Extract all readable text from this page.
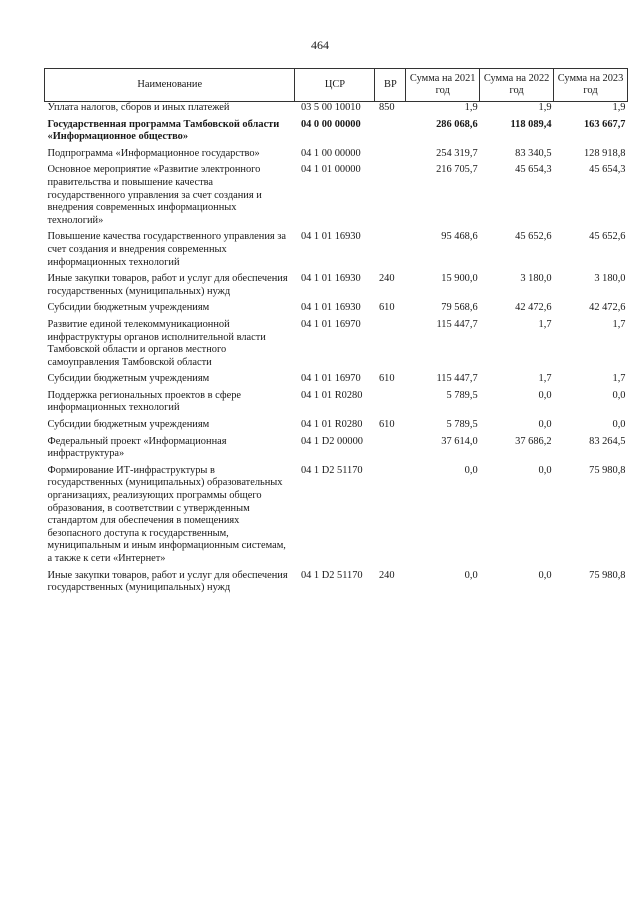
464
Наименование	ЦСР	ВР	Сумма на 2021 год	Сумма на 2022 год	Сумма на 2023 год
Уплата налогов, сборов и иных платежей	03 5 00 10010	850	1,9	1,9	1,9
Государственная программа Тамбовской области «Информационное общество»	04 0 00 00000		286 068,6	118 089,4	163 667,7
Подпрограмма «Информационное государство»	04 1 00 00000		254 319,7	83 340,5	128 918,8
Основное мероприятие «Развитие электронного правительства и повышение качества государственного управления за счет создания и внедрения современных информационных технологий»	04 1 01 00000		216 705,7	45 654,3	45 654,3
Повышение качества государственного управления за счет создания и внедрения современных информационных технологий	04 1 01 16930		95 468,6	45 652,6	45 652,6
Иные закупки товаров, работ и услуг для обеспечения государственных (муниципальных) нужд	04 1 01 16930	240	15 900,0	3 180,0	3 180,0
Субсидии бюджетным учреждениям	04 1 01 16930	610	79 568,6	42 472,6	42 472,6
Развитие единой телекоммуникационной инфраструктуры органов исполнительной власти Тамбовской области и органов местного самоуправления Тамбовской области	04 1 01 16970		115 447,7	1,7	1,7
Субсидии бюджетным учреждениям	04 1 01 16970	610	115 447,7	1,7	1,7
Поддержка региональных проектов в сфере информационных технологий	04 1 01 R0280		5 789,5	0,0	0,0
Субсидии бюджетным учреждениям	04 1 01 R0280	610	5 789,5	0,0	0,0
Федеральный проект «Информационная инфраструктура»	04 1 D2 00000		37 614,0	37 686,2	83 264,5
Формирование ИТ-инфраструктуры в государственных (муниципальных) образовательных организациях, реализующих программы общего образования, в соответствии с утвержденным стандартом для обеспечения в помещениях безопасного доступа к государственным, муниципальным и иным информационным системам, а также к сети «Интернет»	04 1 D2 51170		0,0	0,0	75 980,8
Иные закупки товаров, работ и услуг для обеспечения государственных (муниципальных) нужд	04 1 D2 51170	240	0,0	0,0	75 980,8
